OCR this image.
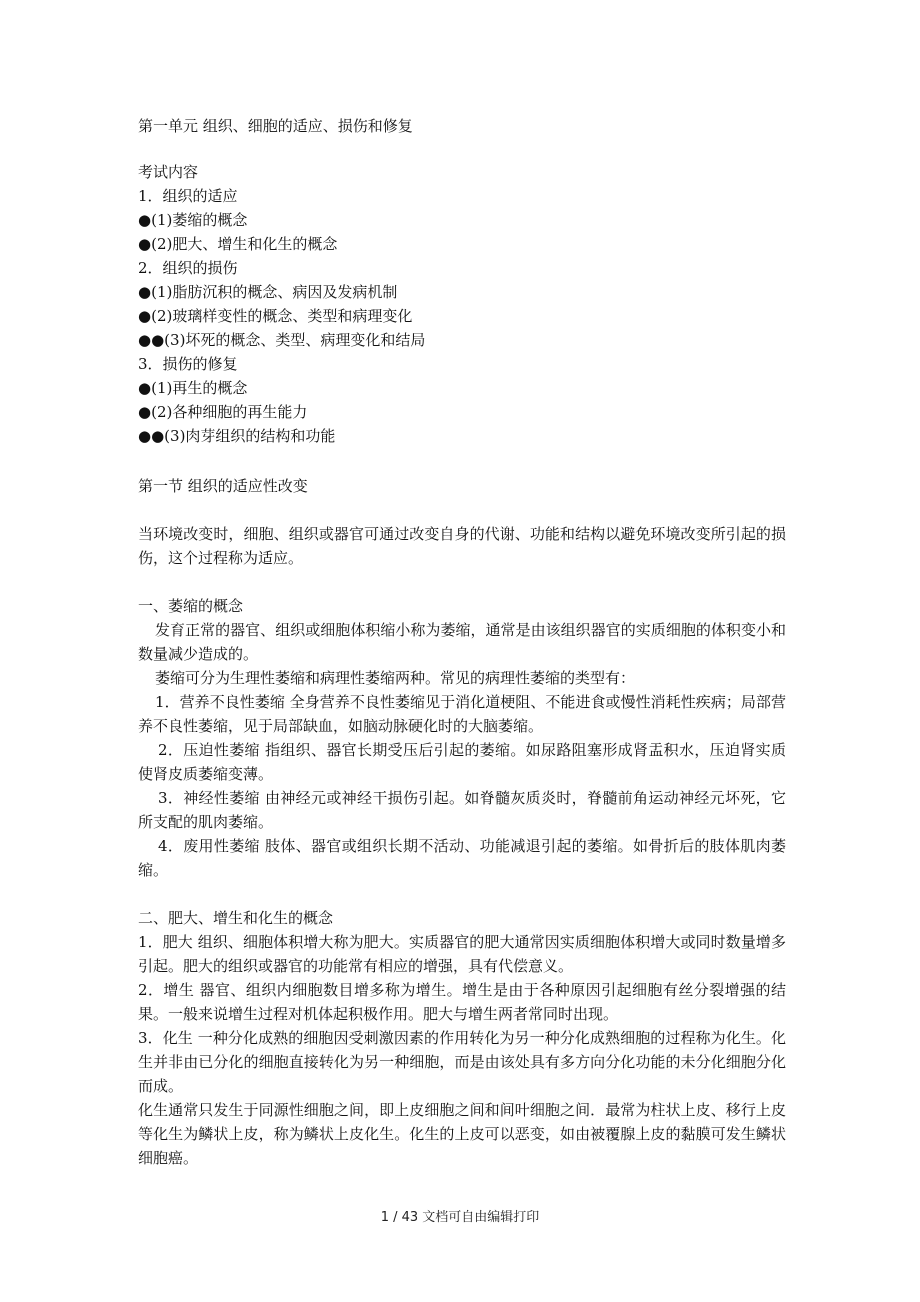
第一单元 组织、细胞的适应、损伤和修复
考试内容
1．组织的适应
●(1)萎缩的概念
●(2)肥大、增生和化生的概念
2．组织的损伤
●(1)脂肪沉积的概念、病因及发病机制
●(2)玻璃样变性的概念、类型和病理变化
●●(3)坏死的概念、类型、病理变化和结局
3．损伤的修复
●(1)再生的概念
●(2)各种细胞的再生能力
●●(3)肉芽组织的结构和功能
第一节 组织的适应性改变
当环境改变时，细胞、组织或器官可通过改变自身的代谢、功能和结构以避免环境改变所引起的损伤，这个过程称为适应。
一、萎缩的概念
发育正常的器官、组织或细胞体积缩小称为萎缩，通常是由该组织器官的实质细胞的体积变小和数量减少造成的。
萎缩可分为生理性萎缩和病理性萎缩两种。常见的病理性萎缩的类型有：
1．营养不良性萎缩 全身营养不良性萎缩见于消化道梗阻、不能进食或慢性消耗性疾病；局部营养不良性萎缩，见于局部缺血，如脑动脉硬化时的大脑萎缩。
2．压迫性萎缩 指组织、器官长期受压后引起的萎缩。如尿路阻塞形成肾盂积水，压迫肾实质使肾皮质萎缩变薄。
3．神经性萎缩 由神经元或神经干损伤引起。如脊髓灰质炎时，脊髓前角运动神经元坏死，它所支配的肌肉萎缩。
4．废用性萎缩 肢体、器官或组织长期不活动、功能减退引起的萎缩。如骨折后的肢体肌肉萎缩。
二、肥大、增生和化生的概念
1．肥大 组织、细胞体积增大称为肥大。实质器官的肥大通常因实质细胞体积增大或同时数量增多引起。肥大的组织或器官的功能常有相应的增强，具有代偿意义。
2．增生 器官、组织内细胞数目增多称为增生。增生是由于各种原因引起细胞有丝分裂增强的结果。一般来说增生过程对机体起积极作用。肥大与增生两者常同时出现。
3．化生 一种分化成熟的细胞因受刺激因素的作用转化为另一种分化成熟细胞的过程称为化生。化生并非由已分化的细胞直接转化为另一种细胞，而是由该处具有多方向分化功能的未分化细胞分化而成。
化生通常只发生于同源性细胞之间，即上皮细胞之间和间叶细胞之间．最常为柱状上皮、移行上皮等化生为鳞状上皮，称为鳞状上皮化生。化生的上皮可以恶变，如由被覆腺上皮的黏膜可发生鳞状细胞癌。
1 / 43 文档可自由编辑打印
